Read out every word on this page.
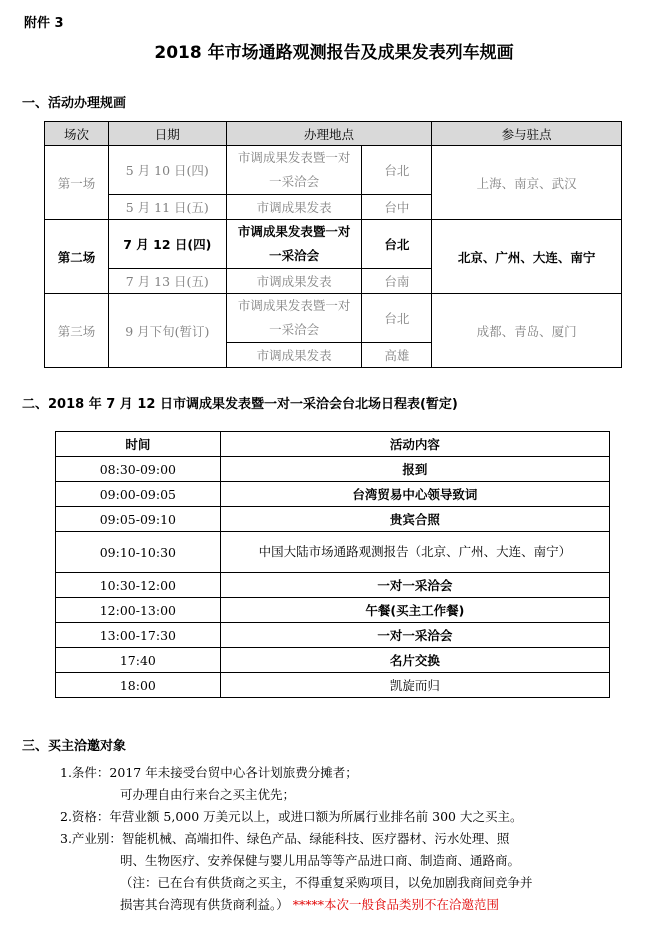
附件 3
2018 年市场通路观测报告及成果发表列车规画
一、活动办理规画
场次	日期	办理地点		参与驻点
第一场	5 月 10 日(四)	市调成果发表暨一对一采洽会	台北	上海、南京、武汉
	5 月 11 日(五)	市调成果发表	台中	
第二场	7 月 12 日(四)	市调成果发表暨一对一采洽会	台北	北京、广州、大连、南宁
	7 月 13 日(五)	市调成果发表	台南	
第三场	9 月下旬(暂订)	市调成果发表暨一对一采洽会	台北	成都、青岛、厦门
		市调成果发表	高雄	
二、2018 年 7 月 12 日市调成果发表暨一对一采洽会台北场日程表(暂定)
时间	活动内容
08:30-09:00	报到
09:00-09:05	台湾贸易中心领导致词
09:05-09:10	贵宾合照
09:10-10:30	中国大陆市场通路观测报告（北京、广州、大连、南宁）
10:30-12:00	一对一采洽会
12:00-13:00	午餐(买主工作餐)
13:00-17:30	一对一采洽会
17:40	名片交换
18:00	凯旋而归
三、买主洽邀对象
1.条件：2017 年未接受台贸中心各计划旅费分摊者；
可办理自由行来台之买主优先；
2.资格：年营业额 5,000 万美元以上，或进口额为所属行业排名前 300 大之买主。
3.产业别：智能机械、高端扣件、绿色产品、绿能科技、医疗器材、污水处理、照
明、生物医疗、安养保健与婴儿用品等等产品进口商、制造商、通路商。
（注：已在台有供货商之买主，不得重复采购项目，以免加剧我商间竞争并
损害其台湾现有供货商利益。） *****本次一般食品类别不在洽邀范围
